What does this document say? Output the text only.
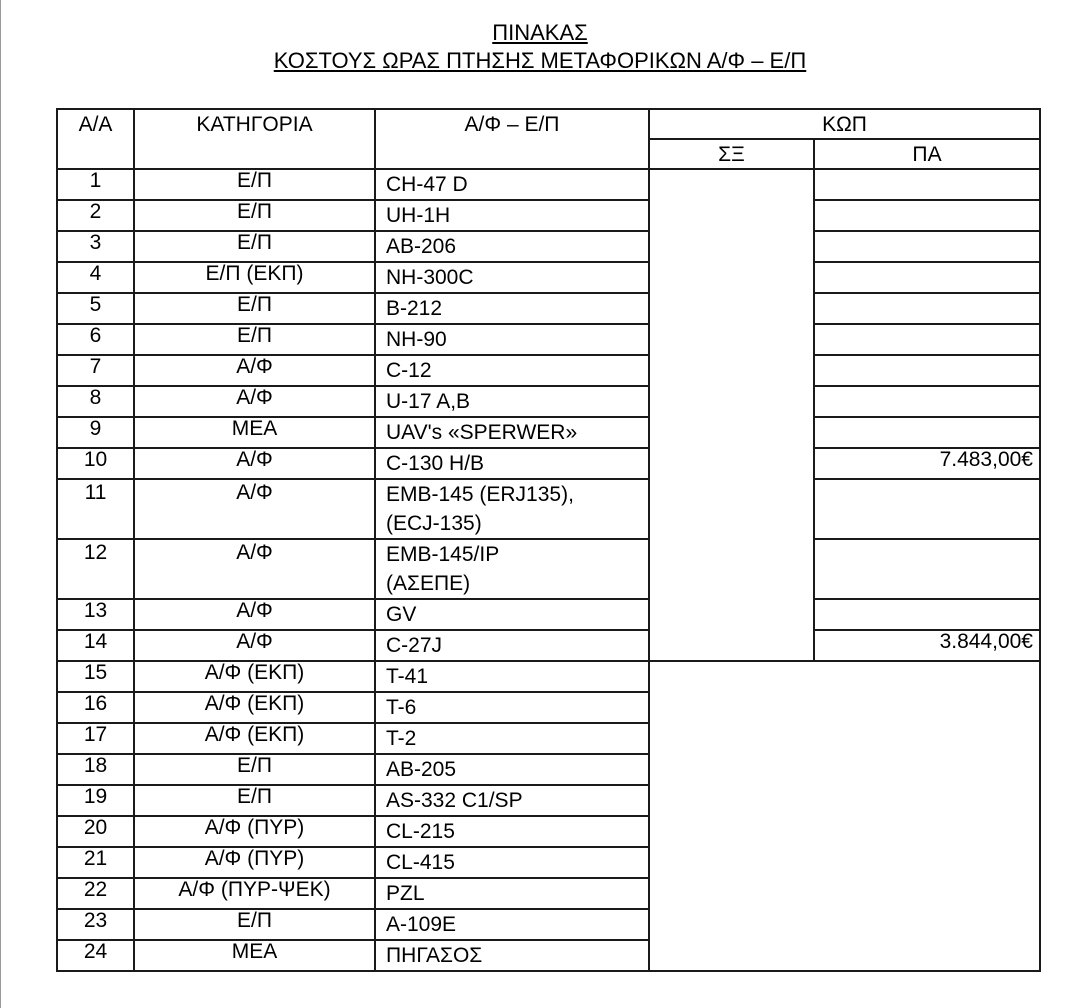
ΠΙΝΑΚΑΣ
ΚΟΣΤΟΥΣ ΩΡΑΣ ΠΤΗΣΗΣ ΜΕΤΑΦΟΡΙΚΩΝ Α/Φ – Ε/Π
Α/Α	ΚΑΤΗΓΟΡΙΑ	Α/Φ – Ε/Π	ΚΩΠ	
			ΣΞ	ΠΑ
1	Ε/Π	CH-47 D		

2	Ε/Π	UH-1H		

3	Ε/Π	AB-206		

4	Ε/Π (ΕΚΠ)	NH-300C		

5	Ε/Π	B-212		

6	Ε/Π	NH-90		

7	Α/Φ	C-12		

8	Α/Φ	U-17 A,B		

9	ΜΕΑ	UAV's «SPERWER»		

10	Α/Φ	C-130 H/B		7.483,00€
11	Α/Φ	EMB-145 (ERJ135),
(ECJ-135)		

12	Α/Φ	EMB-145/IP
(ΑΣΕΠΕ)		

13	Α/Φ	GV		

14	Α/Φ	C-27J		3.844,00€
15	Α/Φ (ΕΚΠ)	T-41		

16	Α/Φ (ΕΚΠ)	T-6		

17	Α/Φ (ΕΚΠ)	T-2		

18	Ε/Π	AB-205		

19	Ε/Π	AS-332 C1/SP		

20	Α/Φ (ΠΥΡ)	CL-215		

21	Α/Φ (ΠΥΡ)	CL-415		

22	Α/Φ (ΠΥΡ-ΨΕΚ)	PZL		

23	Ε/Π	A-109E		

24	ΜΕΑ	ΠΗΓΑΣΟΣ		
